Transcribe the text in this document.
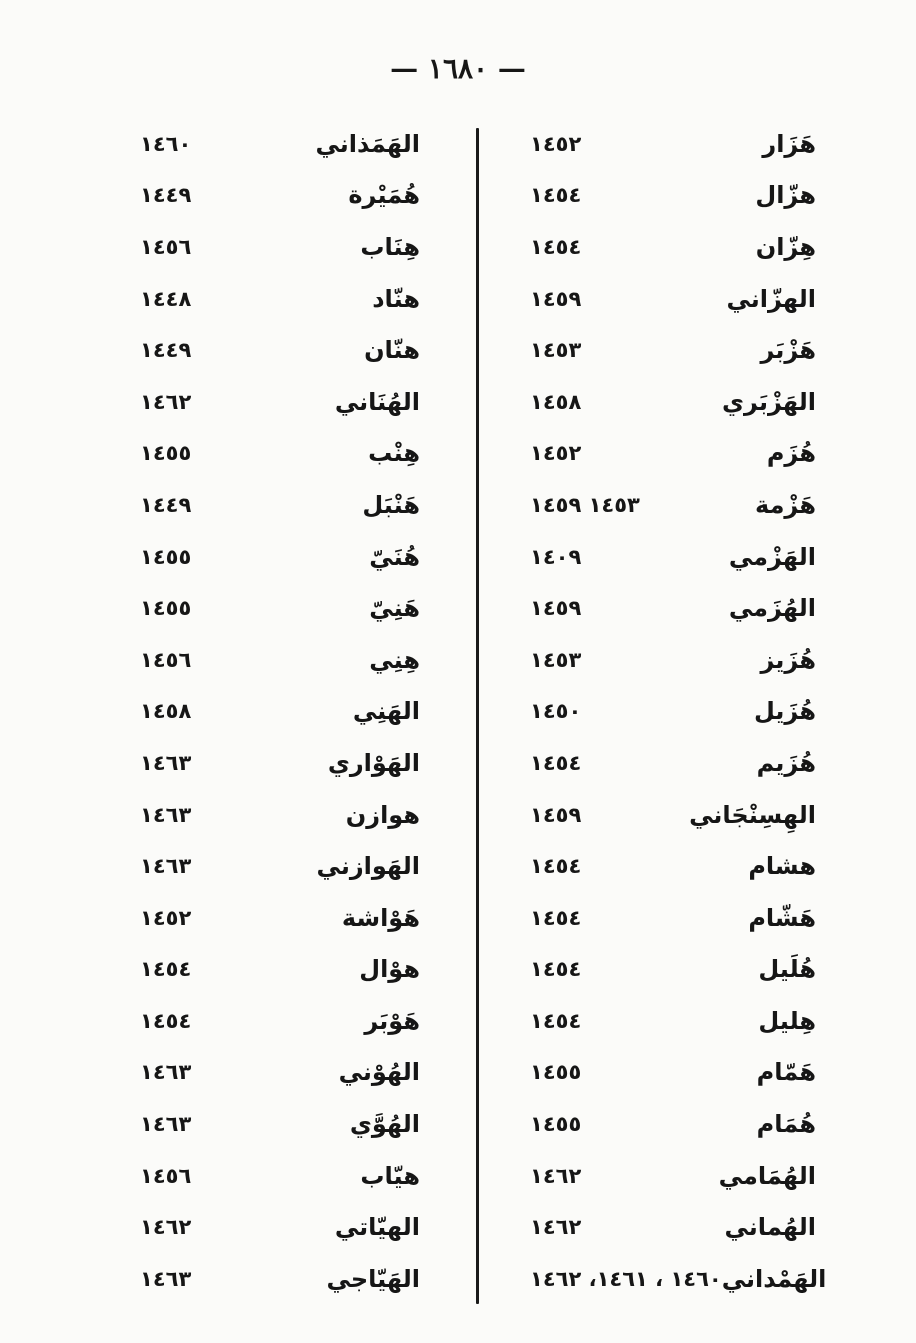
— ١٦٨٠ —
١٤٥٢	هَزَار
١٤٥٤	هزّال
١٤٥٤	هِزّان
١٤٥٩	الهزّاني
١٤٥٣	هَزْبَر
١٤٥٨	الهَزْبَري
١٤٥٢	هُزَم
١٤٥٣ ١٤٥٩	هَزْمة
١٤٠٩	الهَزْمي
١٤٥٩	الهُزَمي
١٤٥٣	هُزَيز
١٤٥٠	هُزَيل
١٤٥٤	هُزَيم
١٤٥٩	الهِسِنْجَاني
١٤٥٤	هشام
١٤٥٤	هَشّام
١٤٥٤	هُلَيل
١٤٥٤	هِليل
١٤٥٥	هَمّام
١٤٥٥	هُمَام
١٤٦٢	الهُمَامي
١٤٦٢	الهُماني
١٤٦٠ ، ١٤٦١، ١٤٦٢ الهَمْداني
١٤٦٠	الهَمَذاني
١٤٤٩	هُمَيْرة
١٤٥٦	هِنَاب
١٤٤٨	هنّاد
١٤٤٩	هنّان
١٤٦٢	الهُنَاني
١٤٥٥	هِنْب
١٤٤٩	هَنْبَل
١٤٥٥	هُنَيّ
١٤٥٥	هَنِيّ
١٤٥٦	هِنِي
١٤٥٨	الهَنِي
١٤٦٣	الهَوْاري
١٤٦٣	هوازن
١٤٦٣	الهَوازني
١٤٥٢	هَوْاشة
١٤٥٤	هوْال
١٤٥٤	هَوْبَر
١٤٦٣	الهُوْني
١٤٦٣	الهُوَّي
١٤٥٦	هيّاب
١٤٦٢	الهيّاتي
١٤٦٣	الهَيّاجي
